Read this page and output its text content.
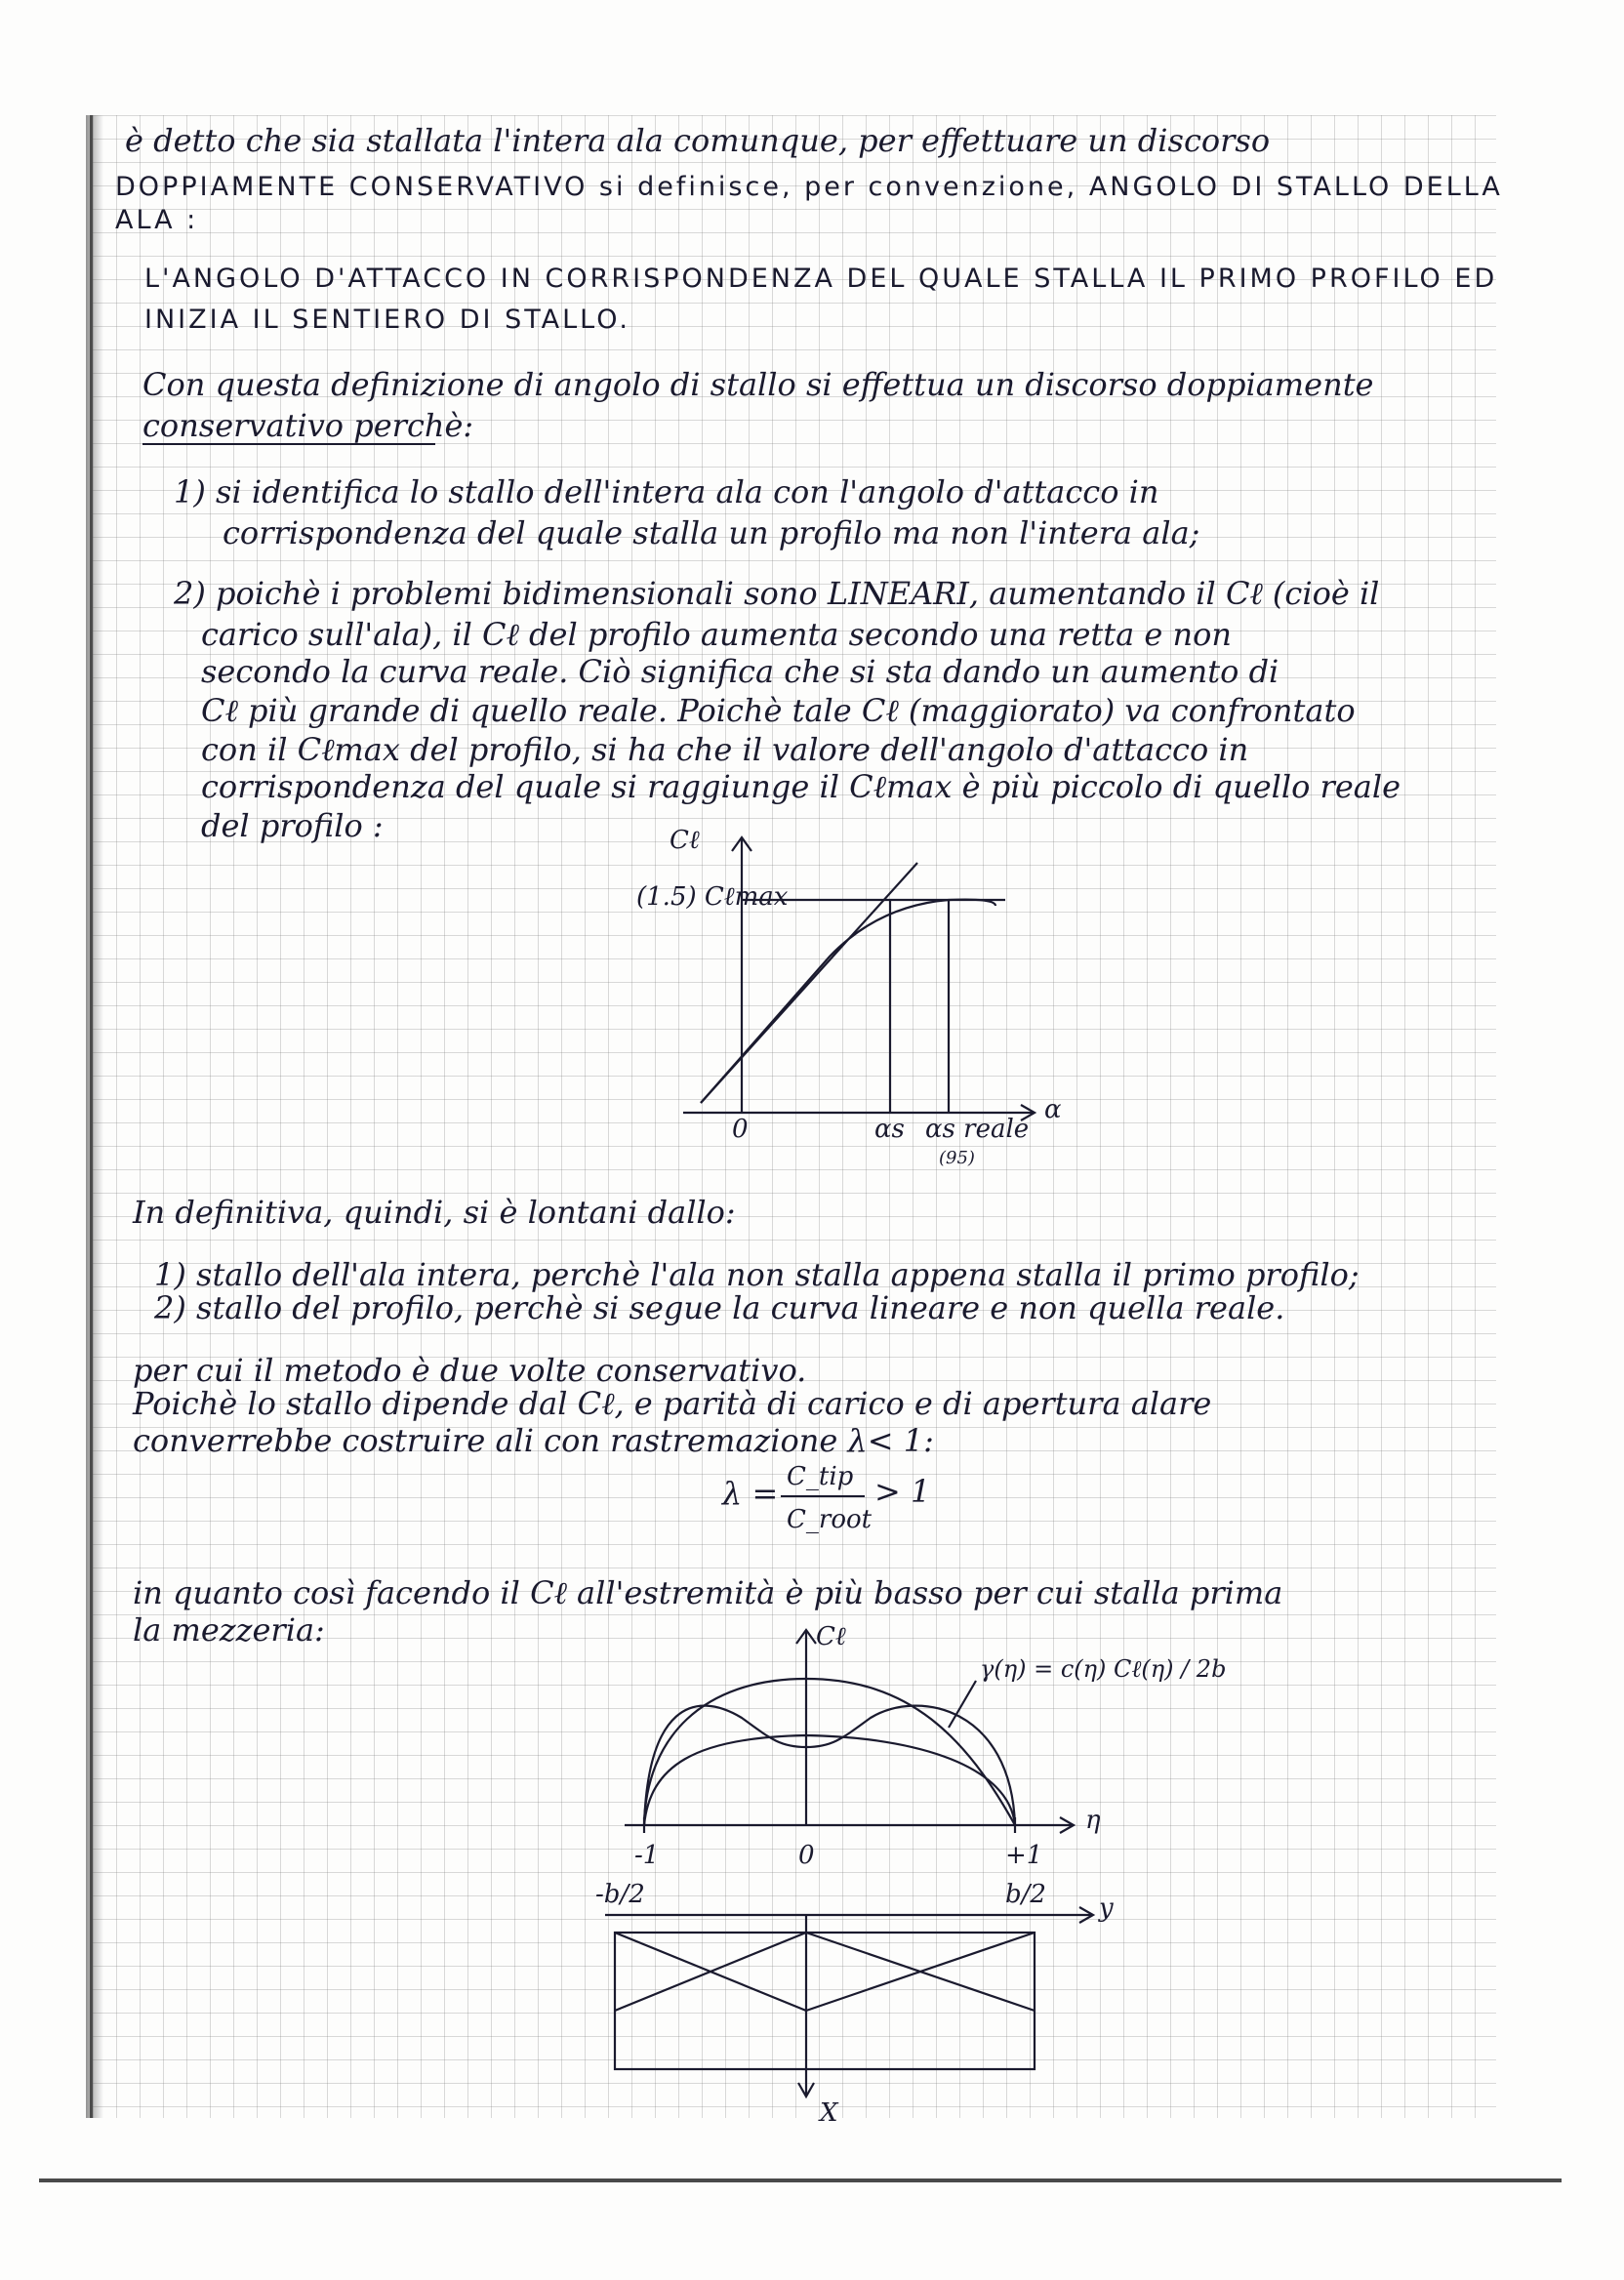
è detto che sia stallata l'intera ala comunque, per effettuare un discorso
DOPPIAMENTE CONSERVATIVO si definisce, per convenzione, ANGOLO DI STALLO DELLA
ALA :
L'ANGOLO D'ATTACCO IN CORRISPONDENZA DEL QUALE STALLA IL PRIMO PROFILO ED
INIZIA IL SENTIERO DI STALLO.
Con questa definizione di angolo di stallo si effettua un discorso doppiamente
conservativo perchè:
1) si identifica lo stallo dell'intera ala con l'angolo d'attacco in
corrispondenza del quale stalla un profilo ma non l'intera ala;
2) poichè i problemi bidimensionali sono LINEARI, aumentando il Cℓ (cioè il
carico sull'ala), il Cℓ del profilo aumenta secondo una retta e non
secondo la curva reale. Ciò significa che si sta dando un aumento di
Cℓ più grande di quello reale. Poichè tale Cℓ (maggiorato) va confrontato
con il Cℓmax del profilo, si ha che il valore dell'angolo d'attacco in
corrispondenza del quale si raggiunge il Cℓmax è più piccolo di quello reale
del profilo :	Cℓ
(1.5) Cℓmax
α
0	αs αs reale
(95)
In definitiva, quindi, si è lontani dallo:
1) stallo dell'ala intera, perchè l'ala non stalla appena stalla il primo profilo;
2) stallo del profilo, perchè si segue la curva lineare e non quella reale.
per cui il metodo è due volte conservativo.
Poichè lo stallo dipende dal Cℓ, e parità di carico e di apertura alare
converrebbe costruire ali con rastremazione λ< 1:
λ = C_tip
C_root
> 1
in quanto così facendo il Cℓ all'estremità è più basso per cui stalla prima
la mezzeria:	Cℓ
γ(η) = c(η) Cℓ(η) / 2b
η
-1	0	+1
-b/2	b/2 y
X
